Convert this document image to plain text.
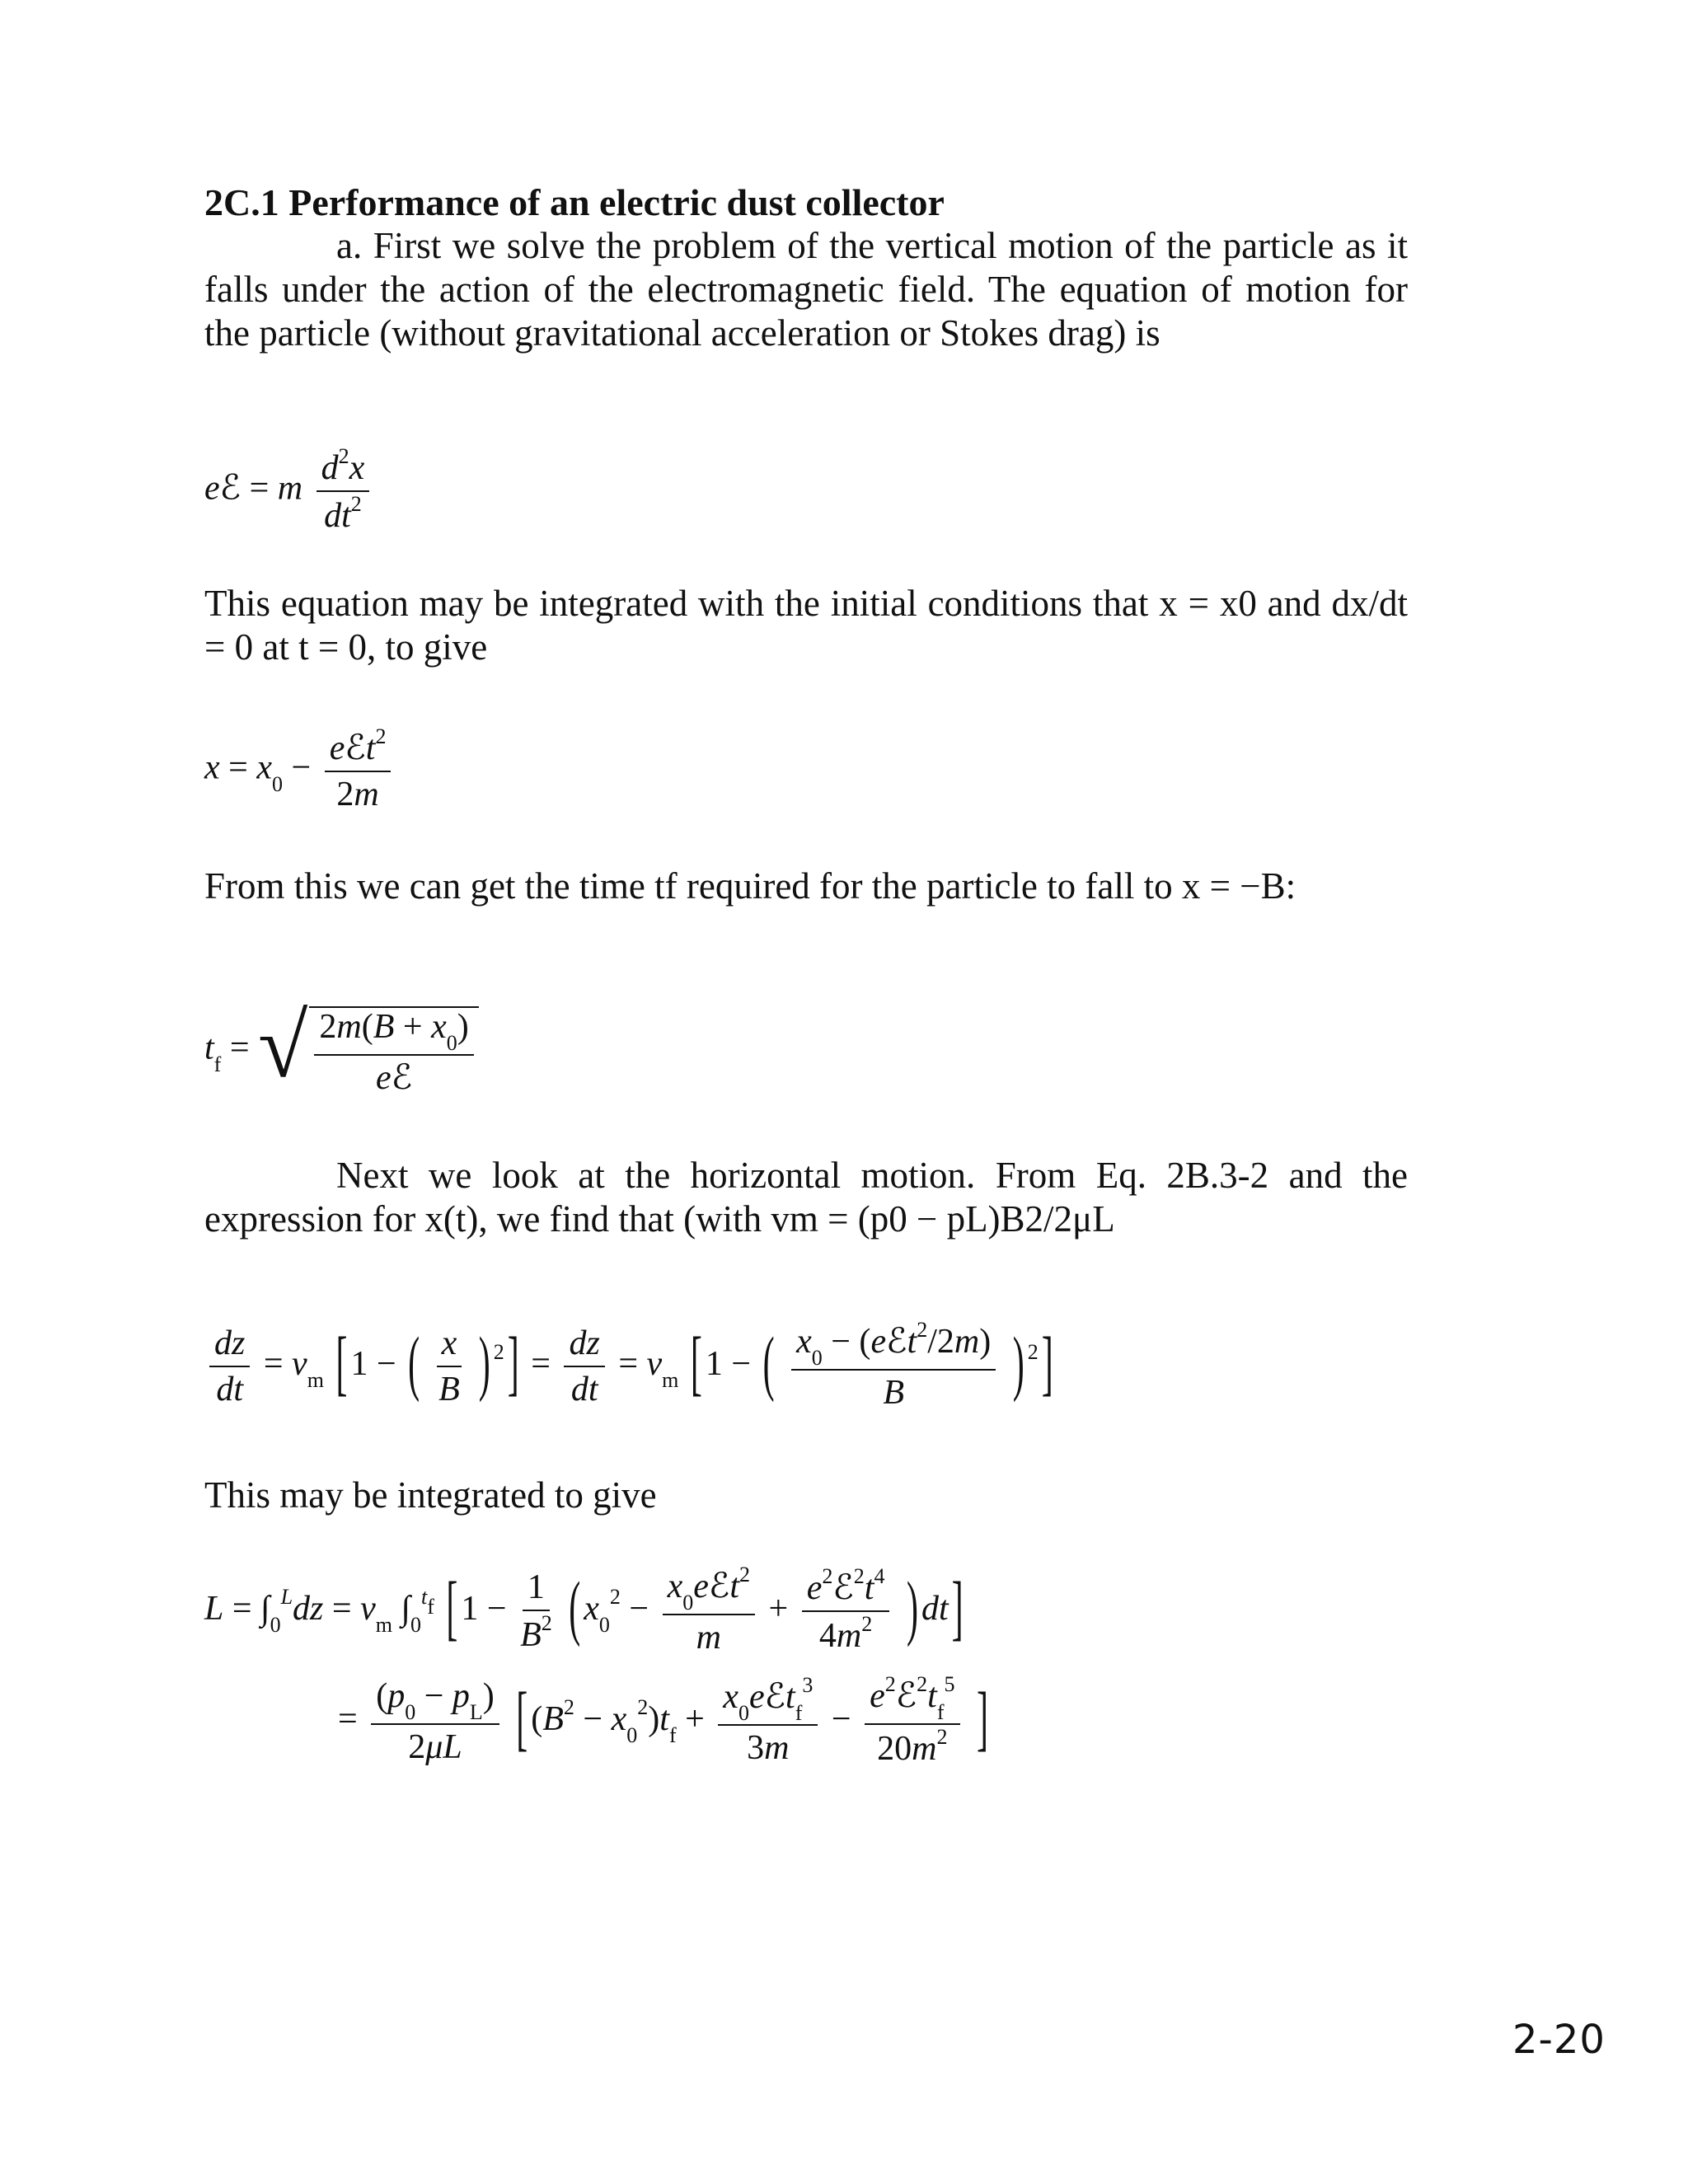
2C.1 Performance of an electric dust collector
a. First we solve the problem of the vertical motion of the particle as it falls under the action of the electromagnetic field. The equation of motion for the particle (without gravitational acceleration or Stokes drag) is
eℰ = m $\frac{d^2x}{dt^2}$
This equation may be integrated with the initial conditions that x = x0 and dx/dt = 0 at t = 0, to give
$x = x_0 - \frac{eℰt^2}{2m}$
From this we can get the time tf required for the particle to fall to x = −B:
$t_f$ = √ $\frac{2m(B + x_0)}{\text{eℰ}}$
Next we look at the horizontal motion. From Eq. 2B.3-2 and the expression for x(t), we find that (with vm = (p0 − pL)B2/2μL
$\frac{dz}{dt} = v_m$ [1 − ( $\frac{x}{B}$ ) $^2] = \frac{dz}{dt} = v_m$ [1 − ( $\frac{x_0 - (eℰt^2/2m)}{B}$ ) $^2$]
This may be integrated to give
$L = \int_0^Ldz = v_m$ $\int_0^{tf}$ $[1 - \frac{1}{B^2} (x_0^2 - \frac{x_0eℰt^2}{m} + \frac{e^2ℰ^2t^4}{4m^2} )dt]$
= $\frac{(p_0 - p_L)}{2\mu L} [(B^2 - x_0^2)t_f + \frac{x_0eℰt_f^3}{3m} - \frac{e^2ℰ^2t_f^5}{20m^2}$ ]
2-20
